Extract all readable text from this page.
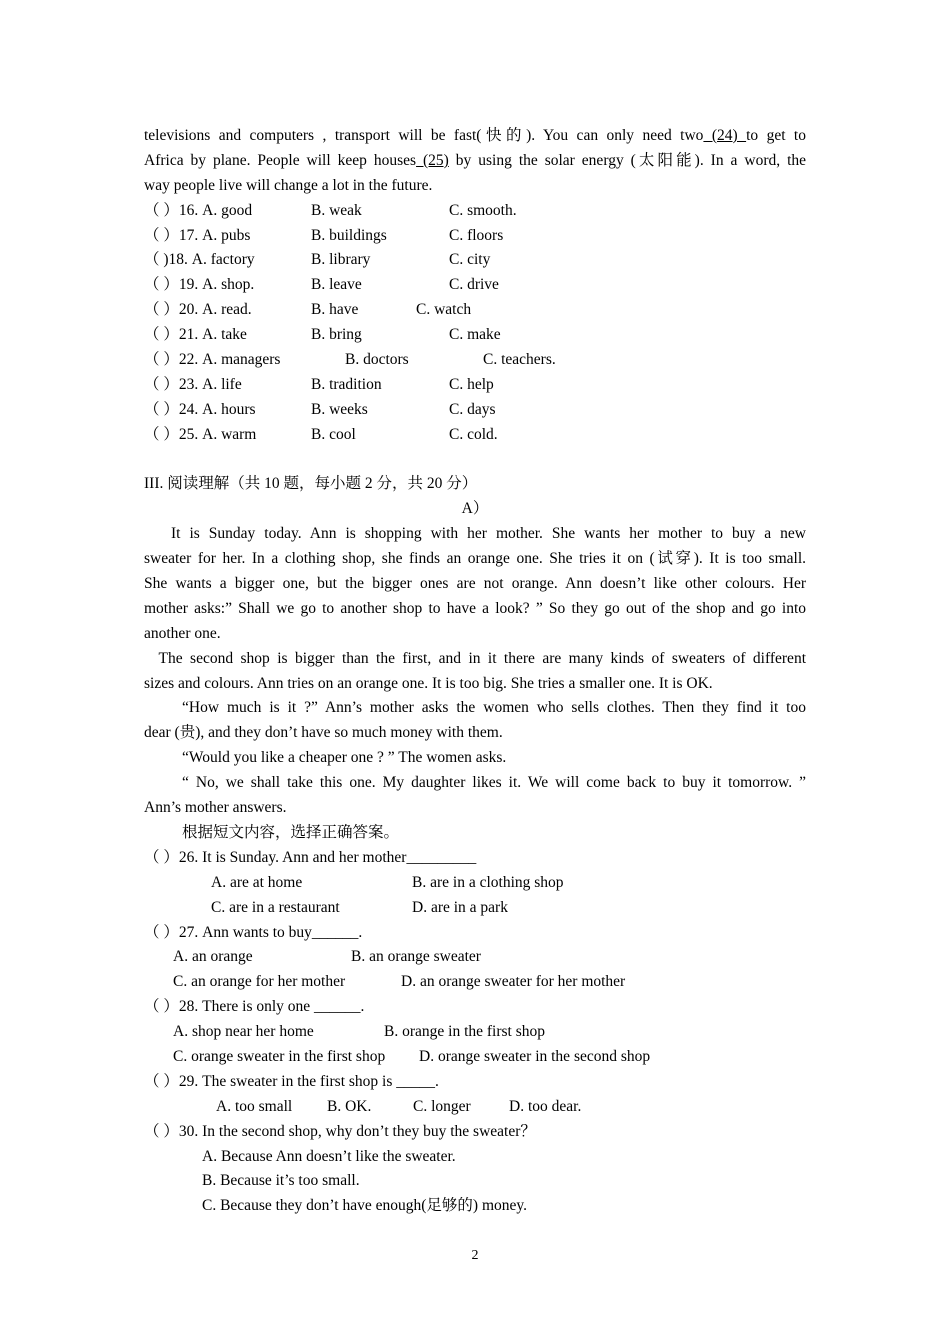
televisions and computers , transport will be fast(快的). You can only need two (24) to get to
Africa by plane. People will keep houses (25) by using the solar energy (太阳能). In a word, the
way people live will change a lot in the future.
（ ）16. A. good	B. weak	C. smooth.
（ ）17. A. pubs	B. buildings	C. floors
（ )18. A. factory	B. library	C. city
（ ）19. A. shop.	B. leave	C. drive
（ ）20. A. read.	B. have	C. watch
（ ）21. A. take	B. bring	C. make
（ ）22. A. managers	B. doctors	C. teachers.
（ ）23. A. life	B. tradition	C. help
（ ）24. A. hours	B. weeks	C. days
（ ）25. A. warm	B. cool	C. cold.
III. 阅读理解（共 10 题，每小题 2 分，共 20 分）
A）
It is Sunday today. Ann is shopping with her mother. She wants her mother to buy a new
sweater for her. In a clothing shop, she finds an orange one. She tries it on (试穿). It is too small.
She wants a bigger one, but the bigger ones are not orange. Ann doesn’t like other colours. Her
mother asks:” Shall we go to another shop to have a look? ” So they go out of the shop and go into
another one.
The second shop is bigger than the first, and in it there are many kinds of sweaters of different
sizes and colours. Ann tries on an orange one. It is too big. She tries a smaller one. It is OK.
“How much is it ?” Ann’s mother asks the women who sells clothes. Then they find it too
dear (贵), and they don’t have so much money with them.
“Would you like a cheaper one ? ” The women asks.
“ No, we shall take this one. My daughter likes it. We will come back to buy it tomorrow. ”
Ann’s mother answers.
根据短文内容，选择正确答案。
（ ）26. It is Sunday. Ann and her mother_________
A. are at home	B. are in a clothing shop
C. are in a restaurant	D. are in a park
（ ）27. Ann wants to buy______.
A. an orange	B. an orange sweater
C. an orange for her mother	D. an orange sweater for her mother
（ ）28. There is only one ______.
A. shop near her home	B. orange in the first shop
C. orange sweater in the first shop D. orange sweater in the second shop
（ ）29. The sweater in the first shop is _____.
A. too small B. OK.	C. longer D. too dear.
（ ）30. In the second shop, why don’t they buy the sweater？
A. Because Ann doesn’t like the sweater.
B. Because it’s too small.
C. Because they don’t have enough(足够的) money.
2
